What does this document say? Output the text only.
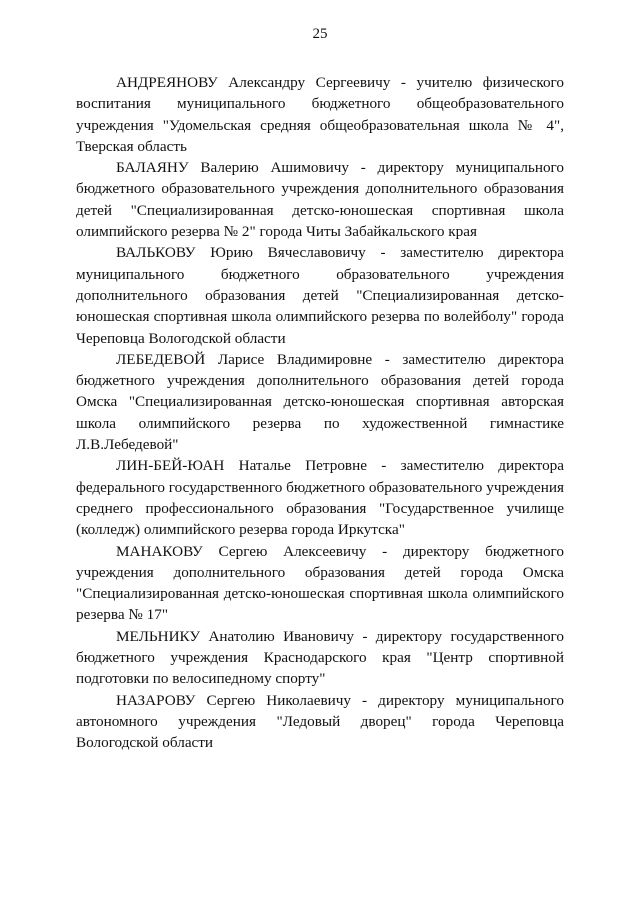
25

АНДРЕЯНОВУ Александру Сергеевичу - учителю физического воспитания муниципального бюджетного общеобразовательного учреждения "Удомельская средняя общеобразовательная школа № 4", Тверская область

БАЛАЯНУ Валерию Ашимовичу - директору муниципального бюджетного образовательного учреждения дополнительного образования детей "Специализированная детско-юношеская спортивная школа олимпийского резерва № 2" города Читы Забайкальского края

ВАЛЬКОВУ Юрию Вячеславовичу - заместителю директора муниципального бюджетного образовательного учреждения дополнительного образования детей "Специализированная детско-юношеская спортивная школа олимпийского резерва по волейболу" города Череповца Вологодской области

ЛЕБЕДЕВОЙ Ларисе Владимировне - заместителю директора бюджетного учреждения дополнительного образования детей города Омска "Специализированная детско-юношеская спортивная авторская школа олимпийского резерва по художественной гимнастике Л.В.Лебедевой"

ЛИН-БЕЙ-ЮАН Наталье Петровне - заместителю директора федерального государственного бюджетного образовательного учреждения среднего профессионального образования "Государственное училище (колледж) олимпийского резерва города Иркутска"

МАНАКОВУ Сергею Алексеевичу - директору бюджетного учреждения дополнительного образования детей города Омска "Специализированная детско-юношеская спортивная школа олимпийского резерва № 17"

МЕЛЬНИКУ Анатолию Ивановичу - директору государственного бюджетного учреждения Краснодарского края "Центр спортивной подготовки по велосипедному спорту"

НАЗАРОВУ Сергею Николаевичу - директору муниципального автономного учреждения "Ледовый дворец" города Череповца Вологодской области
